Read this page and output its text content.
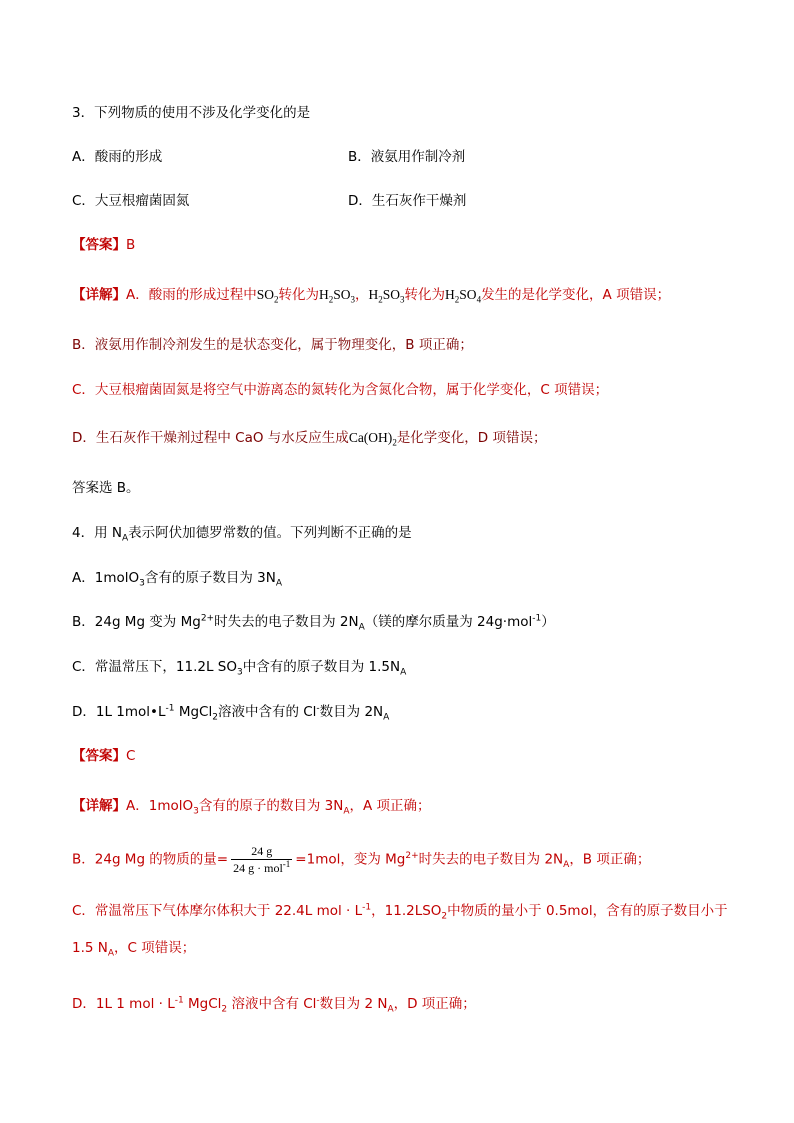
3．下列物质的使用不涉及化学变化的是
A．酸雨的形成	B．液氨用作制冷剂
C．大豆根瘤菌固氮	D．生石灰作干燥剂
【答案】B
【详解】A．酸雨的形成过程中$SO_2$转化为$H_2SO_3$，$H_2SO_3$转化为$H_2SO_4$发生的是化学变化，A 项错误；
B．液氨用作制冷剂发生的是状态变化，属于物理变化，B 项正确；
C．大豆根瘤菌固氮是将空气中游离态的氮转化为含氮化合物，属于化学变化，C 项错误；
D．生石灰作干燥剂过程中 CaO 与水反应生成$Ca(OH)_2$是化学变化，D 项错误；
答案选 B。
4．用 $N_A$表示阿伏加德罗常数的值。下列判断不正确的是
A．1molO$_3$含有的原子数目为 $3N_A$
B．24g Mg 变为 $Mg^{2+}$时失去的电子数目为 $2N_A$（镁的摩尔质量为 24g·mol$^{-1}$）
C．常温常压下，11.2L $SO_3$中含有的原子数目为 $1.5N_A$
D．1L $1mol•L^{-1}$ MgCl$_2$溶液中含有的 Cl-数目为 $2N_A$
【答案】C
【详解】A．1molO$_3$含有的原子的数目为 $3N_A$，A 项正确；
B．24g Mg 的物质的量= $\frac{24 g}{24 g \cdot mol^{-1}} =1mol$，变为 $Mg^{2+}$时失去的电子数目为 $2N_A$，B 项正确；
C．常温常压下气体摩尔体积大于 22.4L mol · $L^{-1}$，$11.2LSO_2$中物质的量小于 0.5mol，含有的原子数目小于
1.5 $N_A$，C 项错误；
D．1L 1 mol · $L^{-1}$ MgCl$_2$ 溶液中含有 Cl-数目为 2 $N_A$，D 项正确；
